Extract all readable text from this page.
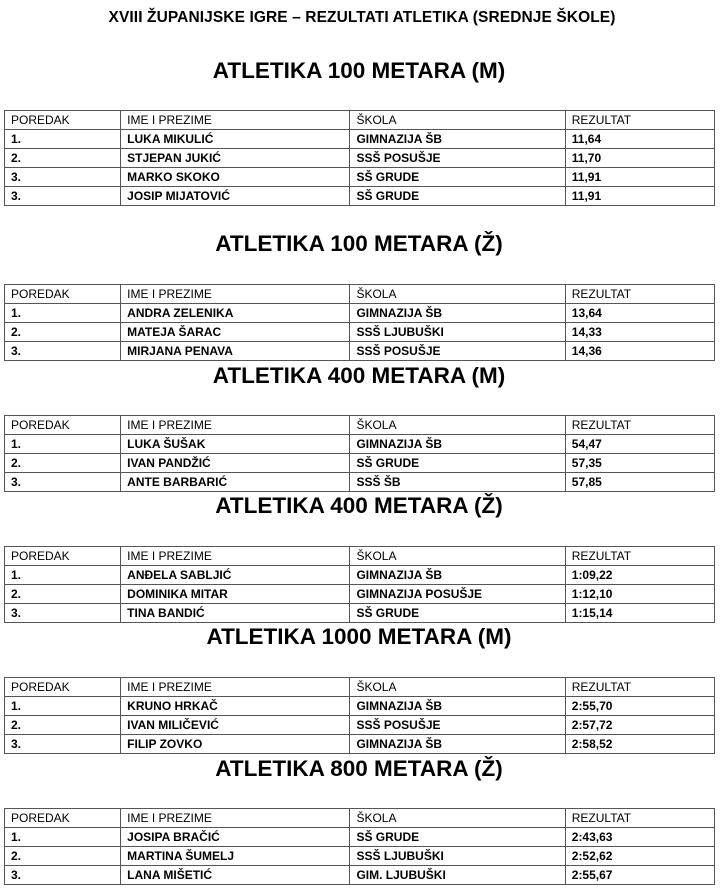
XVIII ŽUPANIJSKE IGRE – REZULTATI ATLETIKA (SREDNJE ŠKOLE)
ATLETIKA 100 METARA (M)
POREDAK	IME I PREZIME	ŠKOLA	REZULTAT
1.	LUKA MIKULIĆ	GIMNAZIJA ŠB	11,64
2.	STJEPAN JUKIĆ	SSŠ POSUŠJE	11,70
3.	MARKO SKOKO	SŠ GRUDE	11,91
3.	JOSIP MIJATOVIĆ	SŠ GRUDE	11,91
ATLETIKA 100 METARA (Ž)
POREDAK	IME I PREZIME	ŠKOLA	REZULTAT
1.	ANDRA ZELENIKA	GIMNAZIJA ŠB	13,64
2.	MATEJA ŠARAC	SSŠ LJUBUŠKI	14,33
3.	MIRJANA PENAVA	SSŠ POSUŠJE	14,36
ATLETIKA 400 METARA (M)
POREDAK	IME I PREZIME	ŠKOLA	REZULTAT
1.	LUKA ŠUŠAK	GIMNAZIJA ŠB	54,47
2.	IVAN PANDŽIĆ	SŠ GRUDE	57,35
3.	ANTE BARBARIĆ	SSŠ ŠB	57,85
ATLETIKA 400 METARA (Ž)
POREDAK	IME I PREZIME	ŠKOLA	REZULTAT
1.	ANĐELA SABLJIĆ	GIMNAZIJA ŠB	1:09,22
2.	DOMINIKA MITAR	GIMNAZIJA POSUŠJE	1:12,10
3.	TINA BANDIĆ	SŠ GRUDE	1:15,14
ATLETIKA 1000 METARA (M)
POREDAK	IME I PREZIME	ŠKOLA	REZULTAT
1.	KRUNO HRKAČ	GIMNAZIJA ŠB	2:55,70
2.	IVAN MILIČEVIĆ	SSŠ POSUŠJE	2:57,72
3.	FILIP ZOVKO	GIMNAZIJA ŠB	2:58,52
ATLETIKA 800 METARA (Ž)
POREDAK	IME I PREZIME	ŠKOLA	REZULTAT
1.	JOSIPA BRAČIĆ	SŠ GRUDE	2:43,63
2.	MARTINA ŠUMELJ	SSŠ LJUBUŠKI	2:52,62
3.	LANA MIŠETIĆ	GIM. LJUBUŠKI	2:55,67
